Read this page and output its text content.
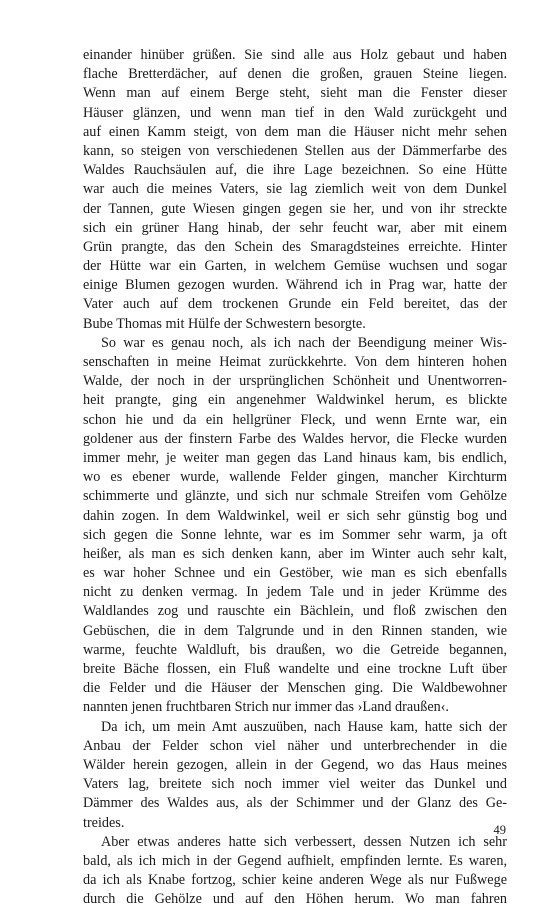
einander hinüber grüßen. Sie sind alle aus Holz gebaut und haben
flache Bretterdächer, auf denen die großen, grauen Steine liegen.
Wenn man auf einem Berge steht, sieht man die Fenster dieser
Häuser glänzen, und wenn man tief in den Wald zurückgeht und
auf einen Kamm steigt, von dem man die Häuser nicht mehr sehen
kann, so steigen von verschiedenen Stellen aus der Dämmerfarbe des
Waldes Rauchsäulen auf, die ihre Lage bezeichnen. So eine Hütte
war auch die meines Vaters, sie lag ziemlich weit von dem Dunkel
der Tannen, gute Wiesen gingen gegen sie her, und von ihr streckte
sich ein grüner Hang hinab, der sehr feucht war, aber mit einem
Grün prangte, das den Schein des Smaragdsteines erreichte. Hinter
der Hütte war ein Garten, in welchem Gemüse wuchsen und sogar
einige Blumen gezogen wurden. Während ich in Prag war, hatte der
Vater auch auf dem trockenen Grunde ein Feld bereitet, das der
Bube Thomas mit Hülfe der Schwestern besorgte.
So war es genau noch, als ich nach der Beendigung meiner Wis-
senschaften in meine Heimat zurückkehrte. Von dem hinteren hohen
Walde, der noch in der ursprünglichen Schönheit und Unentworren-
heit prangte, ging ein angenehmer Waldwinkel herum, es blickte
schon hie und da ein hellgrüner Fleck, und wenn Ernte war, ein
goldener aus der finstern Farbe des Waldes hervor, die Flecke wurden
immer mehr, je weiter man gegen das Land hinaus kam, bis endlich,
wo es ebener wurde, wallende Felder gingen, mancher Kirchturm
schimmerte und glänzte, und sich nur schmale Streifen vom Gehölze
dahin zogen. In dem Waldwinkel, weil er sich sehr günstig bog und
sich gegen die Sonne lehnte, war es im Sommer sehr warm, ja oft
heißer, als man es sich denken kann, aber im Winter auch sehr kalt,
es war hoher Schnee und ein Gestöber, wie man es sich ebenfalls
nicht zu denken vermag. In jedem Tale und in jeder Krümme des
Waldlandes zog und rauschte ein Bächlein, und floß zwischen den
Gebüschen, die in dem Talgrunde und in den Rinnen standen, wie
warme, feuchte Waldluft, bis draußen, wo die Getreide begannen,
breite Bäche flossen, ein Fluß wandelte und eine trockne Luft über
die Felder und die Häuser der Menschen ging. Die Waldbewohner
nannten jenen fruchtbaren Strich nur immer das ›Land draußen‹.
Da ich, um mein Amt auszuüben, nach Hause kam, hatte sich der
Anbau der Felder schon viel näher und unterbrechender in die
Wälder herein gezogen, allein in der Gegend, wo das Haus meines
Vaters lag, breitete sich noch immer viel weiter das Dunkel und
Dämmer des Waldes aus, als der Schimmer und der Glanz des Ge-
treides.
Aber etwas anderes hatte sich verbessert, dessen Nutzen ich sehr
bald, als ich mich in der Gegend aufhielt, empfinden lernte. Es waren,
da ich als Knabe fortzog, schier keine anderen Wege als nur Fußwege
durch die Gehölze und auf den Höhen herum. Wo man fahren
49
